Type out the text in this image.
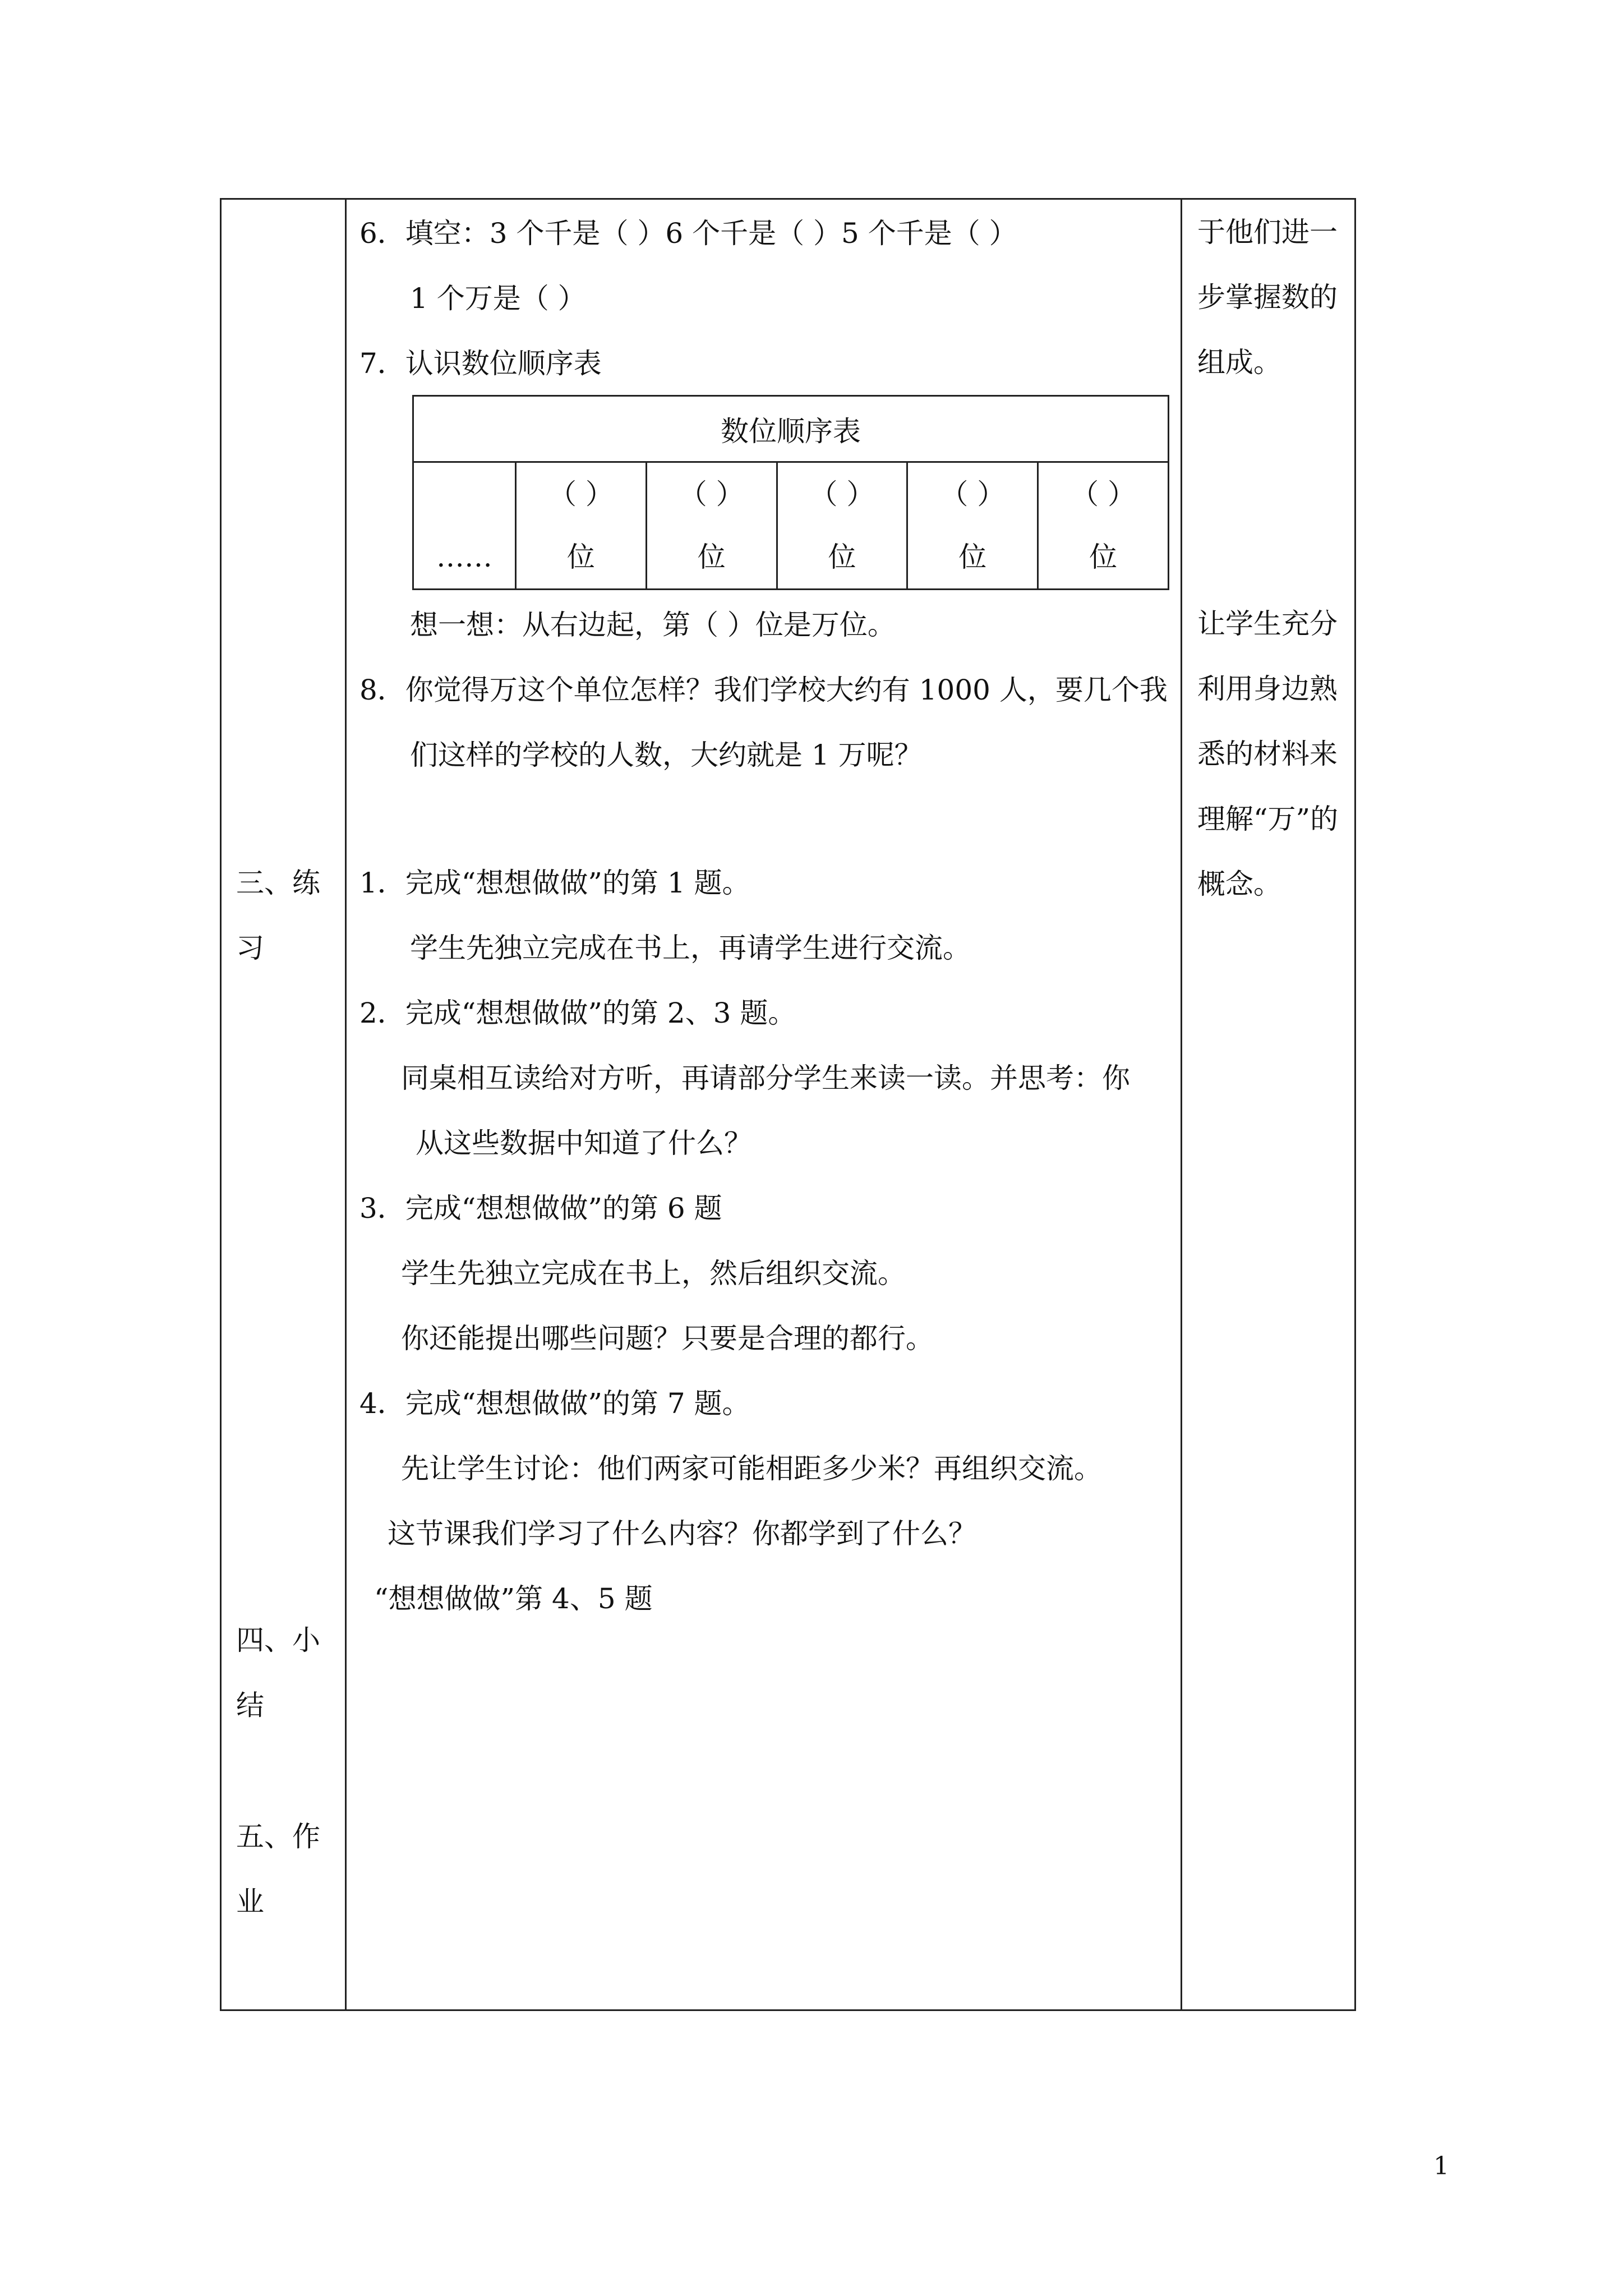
三、练习
四、小结
五、作业
6．填空：3 个千是（ ）6 个千是（ ）5 个千是（ ）
1 个万是（ ）
7．认识数位顺序表
数位顺序表
……
（ ）
位
（ ）
位
（ ）
位
（ ）
位
（ ）
位
想一想：从右边起，第（ ）位是万位。
8．你觉得万这个单位怎样？我们学校大约有 1000 人，要几个我
们这样的学校的人数，大约就是 1 万呢？
1．完成“想想做做”的第 1 题。
学生先独立完成在书上，再请学生进行交流。
2．完成“想想做做”的第 2、3 题。
同桌相互读给对方听，再请部分学生来读一读。并思考：你
从这些数据中知道了什么？
3．完成“想想做做”的第 6 题
学生先独立完成在书上，然后组织交流。
你还能提出哪些问题？只要是合理的都行。
4．完成“想想做做”的第 7 题。
先让学生讨论：他们两家可能相距多少米？再组织交流。
这节课我们学习了什么内容？你都学到了什么？
“想想做做”第 4、5 题
于他们进一步掌握数的组成。
让学生充分利用身边熟悉的材料来理解“万”的概念。
1
